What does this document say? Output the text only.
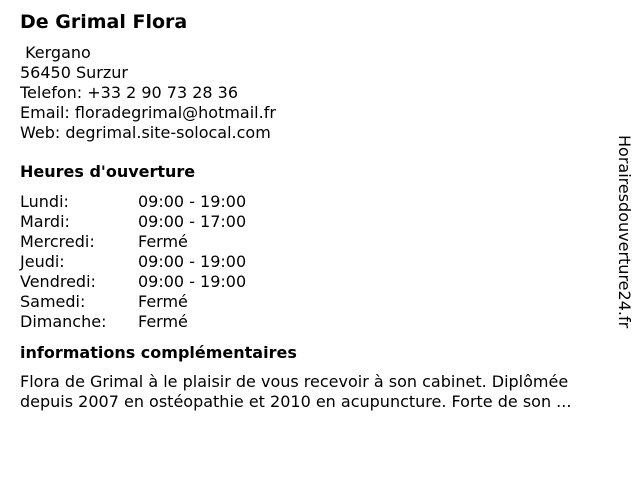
De Grimal Flora
Kergano
56450 Surzur
Telefon: +33 2 90 73 28 36
Email: floradegrimal@hotmail.fr
Web: degrimal.site-solocal.com
Heures d'ouverture
Lundi:	09:00 - 19:00
Mardi:	09:00 - 17:00
Mercredi:	Fermé
Jeudi:	09:00 - 19:00
Vendredi:	09:00 - 19:00
Samedi:	Fermé
Dimanche:	Fermé
informations complémentaires
Flora de Grimal à le plaisir de vous recevoir à son cabinet. Diplômée depuis 2007 en ostéopathie et 2010 en acupuncture. Forte de son ...
Horairesdouverture24.fr
